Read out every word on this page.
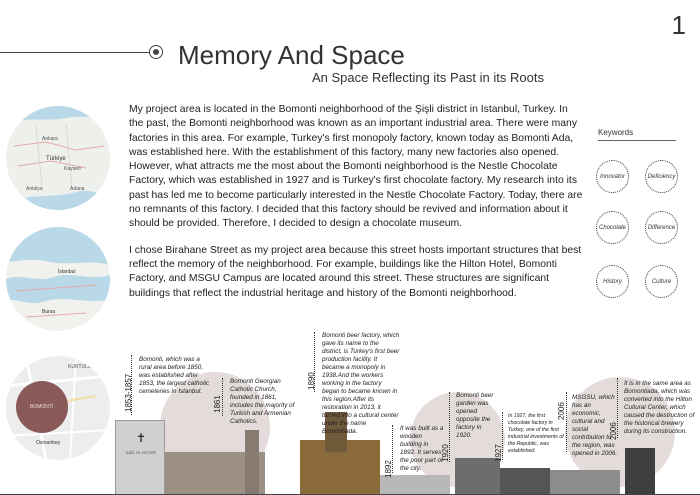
1
Memory And Space
An Space Reflecting its Past in its Roots
Ankara
Türkiye
Kayseri
Antalya	Adana
İstanbul
Bursa
KURTULUŞ
BOMONTİ
Osmanbey

My project area is located in the Bomonti neighborhood of the Şişli district in Istanbul, Turkey. In the past, the Bomonti neighborhood was known as an important industrial area. There were many factories in this area. For example, Turkey's first monopoly factory, known today as Bomonti Ada, was established here. With the establishment of this factory, many new factories also opened. However, what attracts me the most about the Bomonti neighborhood is the Nestle Chocolate Factory, which was established in 1927 and is Turkey's first chocolate factory. My research into its past has led me to become particularly interested in the Nestle Chocolate Factory. Today, there are no remnants of this factory. I decided that this factory should be revived and information about it should be provided. Therefore, I decided to design a chocolate museum.

I chose Birahane Street as my project area because this street hosts important structures that best reflect the memory of the neighborhood. For example, buildings like the Hilton Hotel, Bomonti Factory, and MSGU Campus are located around this street. These structures are significant buildings that reflect the industrial heritage and history of the Bomonti neighborhood.

Keywords
Innovator	Deficiency
Chocolate	Difference
History	Culture
✝
KÂĞ. Ol. İSTOPE
1853-1857
Bomonti, which was a rural area before 1850, was established after 1853, the largest catholic cemeteries in Istanbul.
1861
Bomonti Georgian Catholic Church, founded in 1861, includes the majority of Turkish and Armenian Catholics.
1890
Bomonti beer factory, which gave its name to the district, is Turkey's first beer production facility. It became a monopoly in 1938.And the workers working in the factory began to became known in this region.After its restoration in 2013, it turned into a cultural center under the name Bomontiada.
1892
It was built as a wooden building in 1892. It serves the poor part of the city.
1920
Bomonti beer garden was opened opposite the factory in 1920.
1927
In 1927, the first chocolate factory in Turkey, one of the first industrial investments of the Republic, was established.
2006
MSGSU, which has an economic, cultural and social contribution to the region, was opened in 2006.
2006
It is in the same area as Bomontiada, which was converted into the Hilton Cultural Center, which caused the destruction of the historical brewery during its construction.
